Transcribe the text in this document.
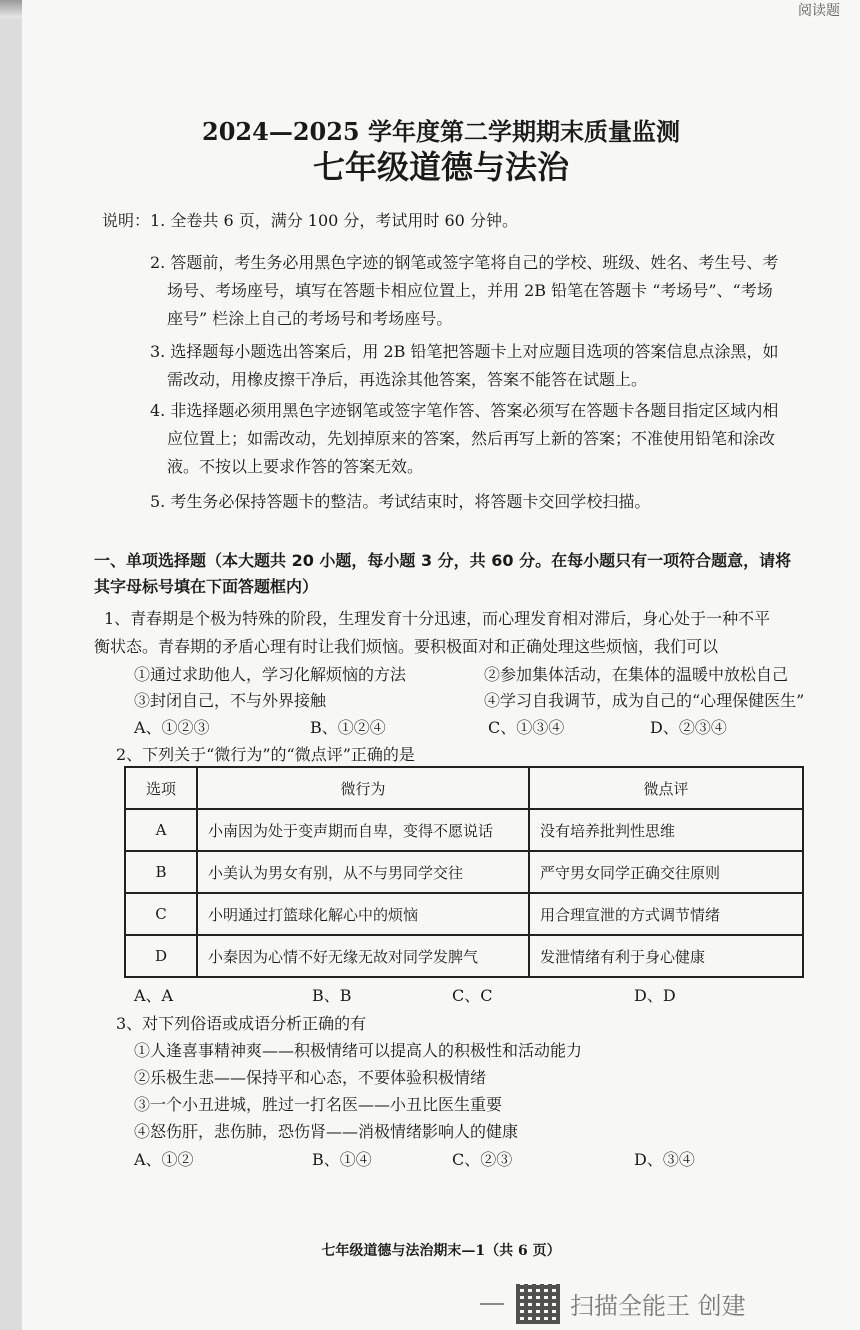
阅读题
2024—2025 学年度第二学期期末质量监测
七年级道德与法治
说明： 1. 全卷共 6 页，满分 100 分，考试用时 60 分钟。
2. 答题前，考生务必用黑色字迹的钢笔或签字笔将自己的学校、班级、姓名、考生号、考
场号、考场座号，填写在答题卡相应位置上，并用 2B 铅笔在答题卡 “考场号”、“考场
座号” 栏涂上自己的考场号和考场座号。
3. 选择题每小题选出答案后，用 2B 铅笔把答题卡上对应题目选项的答案信息点涂黑，如
需改动，用橡皮擦干净后，再选涂其他答案，答案不能答在试题上。
4. 非选择题必须用黑色字迹钢笔或签字笔作答、答案必须写在答题卡各题目指定区域内相
应位置上；如需改动，先划掉原来的答案，然后再写上新的答案；不准使用铅笔和涂改
液。不按以上要求作答的答案无效。
5. 考生务必保持答题卡的整洁。考试结束时，将答题卡交回学校扫描。
一、单项选择题（本大题共 20 小题，每小题 3 分，共 60 分。在每小题只有一项符合题意，请将
其字母标号填在下面答题框内）
1、青春期是个极为特殊的阶段，生理发育十分迅速，而心理发育相对滞后，身心处于一种不平
衡状态。青春期的矛盾心理有时让我们烦恼。要积极面对和正确处理这些烦恼，我们可以
①通过求助他人，学习化解烦恼的方法	②参加集体活动，在集体的温暖中放松自己
③封闭自己，不与外界接触	④学习自我调节，成为自己的“心理保健医生”
A、①②③	B、①②④	C、①③④	D、②③④
2、下列关于“微行为”的“微点评”正确的是
选项	微行为	微点评
A	小南因为处于变声期而自卑，变得不愿说话	没有培养批判性思维
B	小美认为男女有别，从不与男同学交往	严守男女同学正确交往原则
C	小明通过打篮球化解心中的烦恼	用合理宣泄的方式调节情绪
D	小秦因为心情不好无缘无故对同学发脾气	发泄情绪有利于身心健康
A、A	B、B	C、C	D、D
3、对下列俗语或成语分析正确的有
①人逢喜事精神爽——积极情绪可以提高人的积极性和活动能力
②乐极生悲——保持平和心态，不要体验积极情绪
③一个小丑进城，胜过一打名医——小丑比医生重要
④怒伤肝，悲伤肺，恐伤肾——消极情绪影响人的健康
A、①②	B、①④	C、②③	D、③④
七年级道德与法治期末—1（共 6 页）
扫描全能王 创建
